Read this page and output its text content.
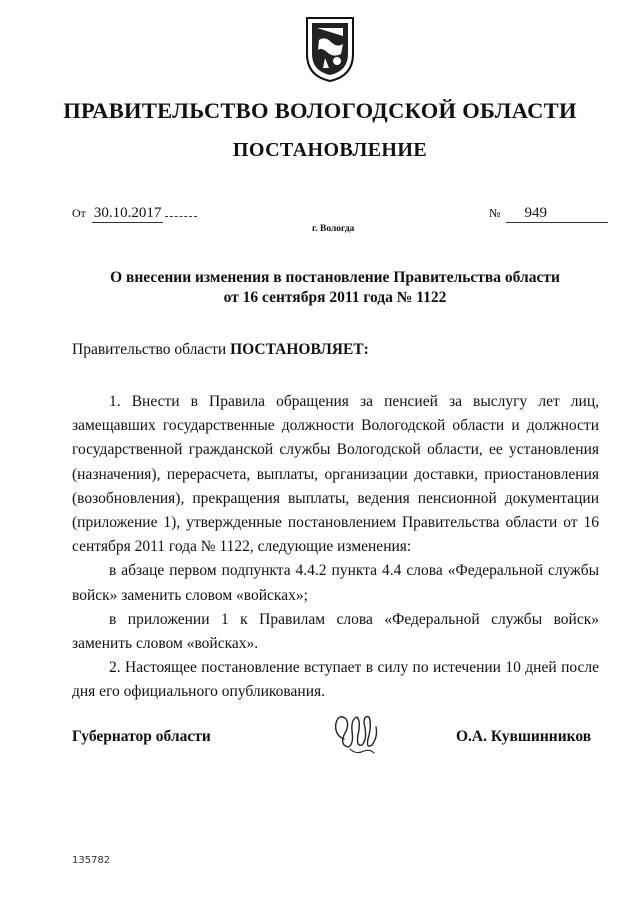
ПРАВИТЕЛЬСТВО ВОЛОГОДСКОЙ ОБЛАСТИ
ПОСТАНОВЛЕНИЕ
От 30.10.2017	№ 949
г. Вологда
О внесении изменения в постановление Правительства области
от 16 сентября 2011 года № 1122
Правительство области ПОСТАНОВЛЯЕТ:

1. Внести в Правила обращения за пенсией за выслугу лет лиц, замещавших государственные должности Вологодской области и должности государственной гражданской службы Вологодской области, ее установления (назначения), перерасчета, выплаты, организации доставки, приостановления (возобновления), прекращения выплаты, ведения пенсионной документации (приложение 1), утвержденные постановлением Правительства области от 16 сентября 2011 года № 1122, следующие изменения:

в абзаце первом подпункта 4.4.2 пункта 4.4 слова «Федеральной службы войск» заменить словом «войсках»;

в приложении 1 к Правилам слова «Федеральной службы войск» заменить словом «войсках».

2. Настоящее постановление вступает в силу по истечении 10 дней после дня его официального опубликования.

Губернатор области	О.А. Кувшинников
135782
